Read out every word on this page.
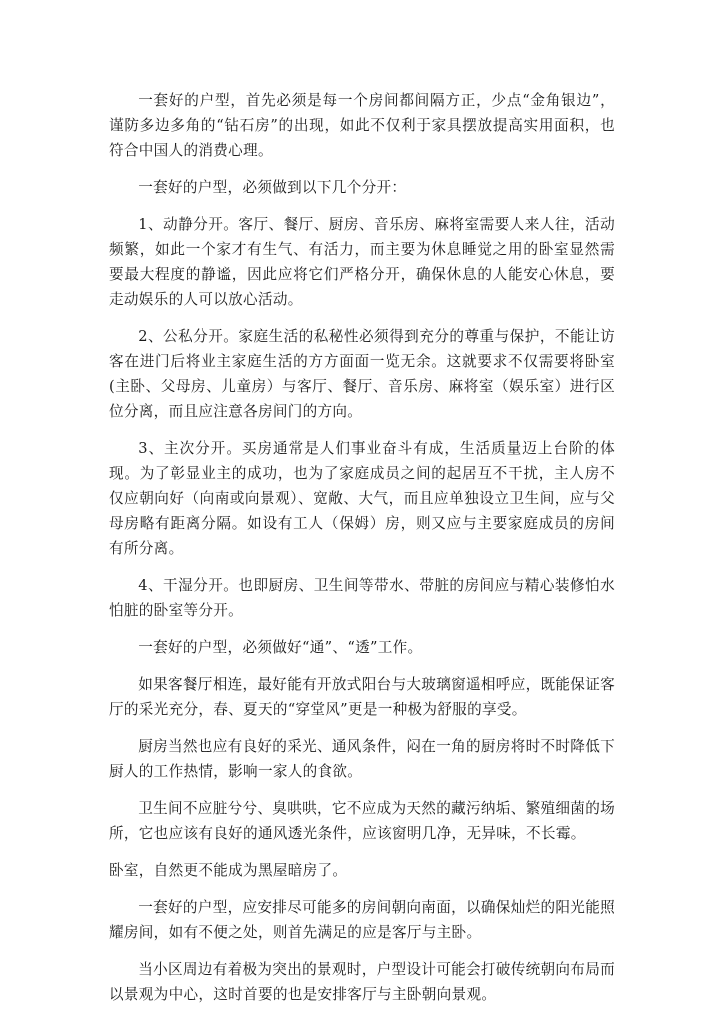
一套好的户型，首先必须是每一个房间都间隔方正，少点“金角银边”，谨防多边多角的“钻石房”的出现，如此不仅利于家具摆放提高实用面积，也符合中国人的消费心理。

一套好的户型，必须做到以下几个分开：

1、动静分开。客厅、餐厅、厨房、音乐房、麻将室需要人来人往，活动频繁，如此一个家才有生气、有活力，而主要为休息睡觉之用的卧室显然需要最大程度的静谧，因此应将它们严格分开，确保休息的人能安心休息，要走动娱乐的人可以放心活动。

2、公私分开。家庭生活的私秘性必须得到充分的尊重与保护，不能让访客在进门后将业主家庭生活的方方面面一览无余。这就要求不仅需要将卧室(主卧、父母房、儿童房）与客厅、餐厅、音乐房、麻将室（娱乐室）进行区位分离，而且应注意各房间门的方向。

3、主次分开。买房通常是人们事业奋斗有成，生活质量迈上台阶的体现。为了彰显业主的成功，也为了家庭成员之间的起居互不干扰，主人房不仅应朝向好（向南或向景观）、宽敞、大气，而且应单独设立卫生间，应与父母房略有距离分隔。如设有工人（保姆）房，则又应与主要家庭成员的房间有所分离。

4、干湿分开。也即厨房、卫生间等带水、带脏的房间应与精心装修怕水怕脏的卧室等分开。

一套好的户型，必须做好“通”、“透”工作。

如果客餐厅相连，最好能有开放式阳台与大玻璃窗遥相呼应，既能保证客厅的采光充分，春、夏天的“穿堂风”更是一种极为舒服的享受。

厨房当然也应有良好的采光、通风条件，闷在一角的厨房将时不时降低下厨人的工作热情，影响一家人的食欲。

卫生间不应脏兮兮、臭哄哄，它不应成为天然的藏污纳垢、繁殖细菌的场所，它也应该有良好的通风透光条件，应该窗明几净，无异味，不长霉。

卧室，自然更不能成为黑屋暗房了。

一套好的户型，应安排尽可能多的房间朝向南面，以确保灿烂的阳光能照耀房间，如有不便之处，则首先满足的应是客厅与主卧。

当小区周边有着极为突出的景观时，户型设计可能会打破传统朝向布局而以景观为中心，这时首要的也是安排客厅与主卧朝向景观。
